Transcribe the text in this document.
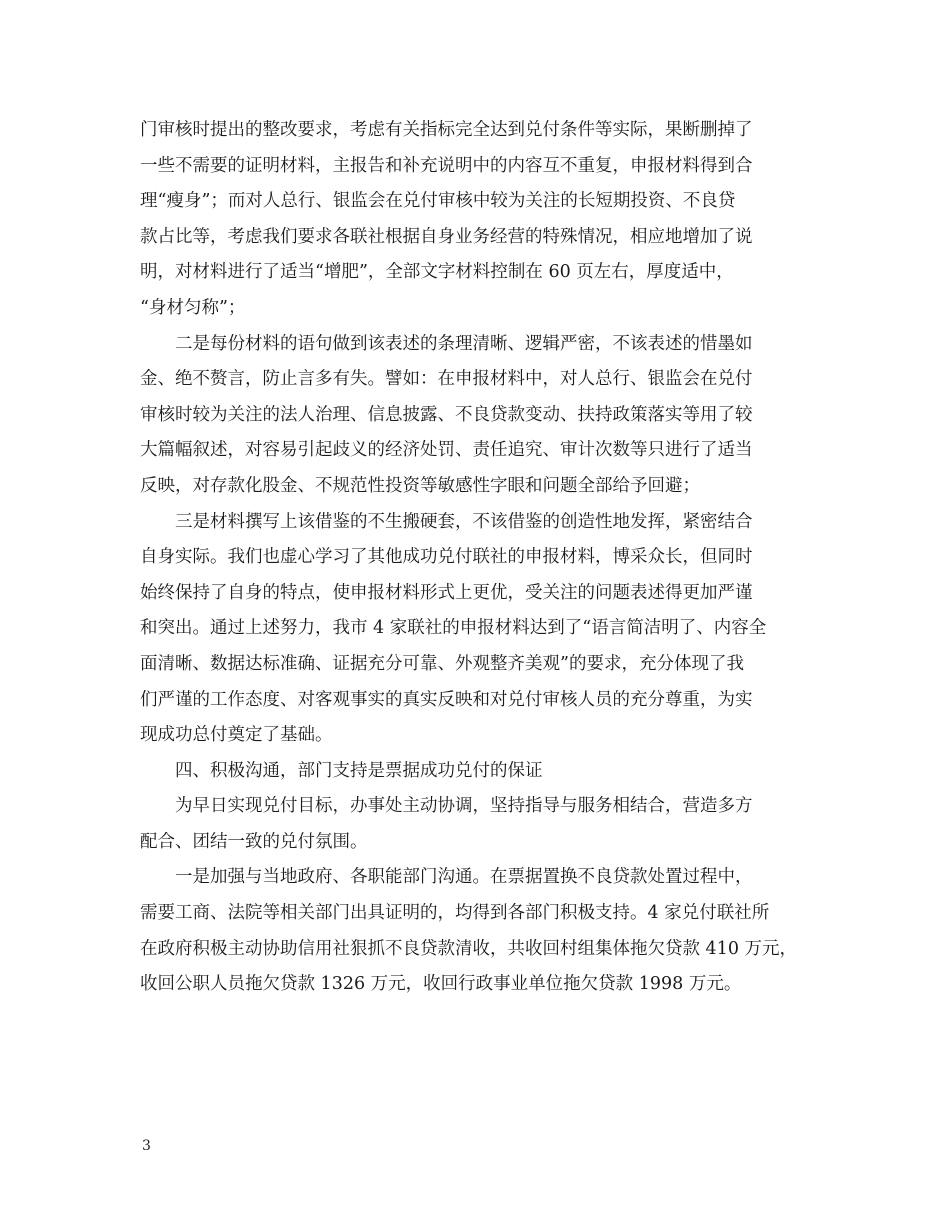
门审核时提出的整改要求，考虑有关指标完全达到兑付条件等实际，果断删掉了
一些不需要的证明材料，主报告和补充说明中的内容互不重复，申报材料得到合
理“瘦身”；而对人总行、银监会在兑付审核中较为关注的长短期投资、不良贷
款占比等，考虑我们要求各联社根据自身业务经营的特殊情况，相应地增加了说
明，对材料进行了适当“增肥”，全部文字材料控制在 60 页左右，厚度适中，
“身材匀称”；
　　二是每份材料的语句做到该表述的条理清晰、逻辑严密，不该表述的惜墨如
金、绝不赘言，防止言多有失。譬如：在申报材料中，对人总行、银监会在兑付
审核时较为关注的法人治理、信息披露、不良贷款变动、扶持政策落实等用了较
大篇幅叙述，对容易引起歧义的经济处罚、责任追究、审计次数等只进行了适当
反映，对存款化股金、不规范性投资等敏感性字眼和问题全部给予回避；
　　三是材料撰写上该借鉴的不生搬硬套，不该借鉴的创造性地发挥，紧密结合
自身实际。我们也虚心学习了其他成功兑付联社的申报材料，博采众长，但同时
始终保持了自身的特点，使申报材料形式上更优，受关注的问题表述得更加严谨
和突出。通过上述努力，我市 4 家联社的申报材料达到了“语言简洁明了、内容全
面清晰、数据达标准确、证据充分可靠、外观整齐美观”的要求，充分体现了我
们严谨的工作态度、对客观事实的真实反映和对兑付审核人员的充分尊重，为实
现成功总付奠定了基础。
　　四、积极沟通，部门支持是票据成功兑付的保证
　　为早日实现兑付目标，办事处主动协调，坚持指导与服务相结合，营造多方
配合、团结一致的兑付氛围。
　　一是加强与当地政府、各职能部门沟通。在票据置换不良贷款处置过程中，
需要工商、法院等相关部门出具证明的，均得到各部门积极支持。4 家兑付联社所
在政府积极主动协助信用社狠抓不良贷款清收，共收回村组集体拖欠贷款 410 万元，
收回公职人员拖欠贷款 1326 万元，收回行政事业单位拖欠贷款 1998 万元。
3
